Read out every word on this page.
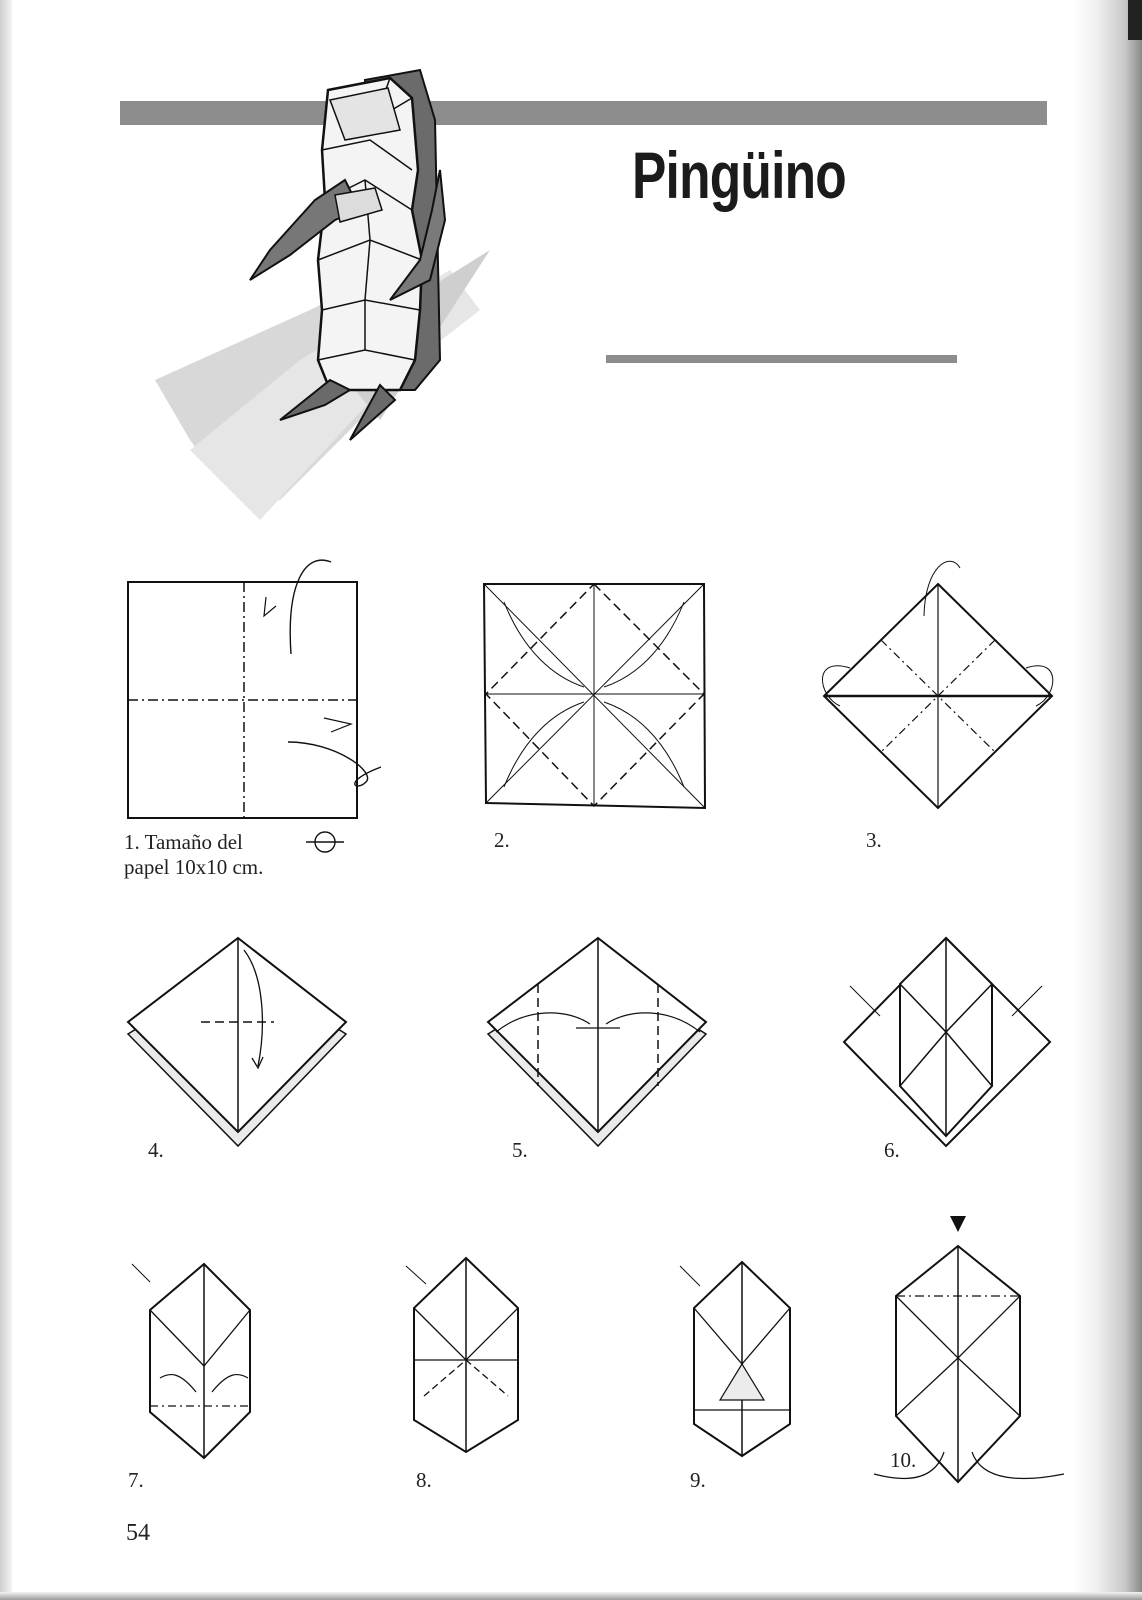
Pingüino
1. Tamaño del
papel 10x10 cm.
2.	3.
4.	5.	6.
7.	8.	9.
10.
54
